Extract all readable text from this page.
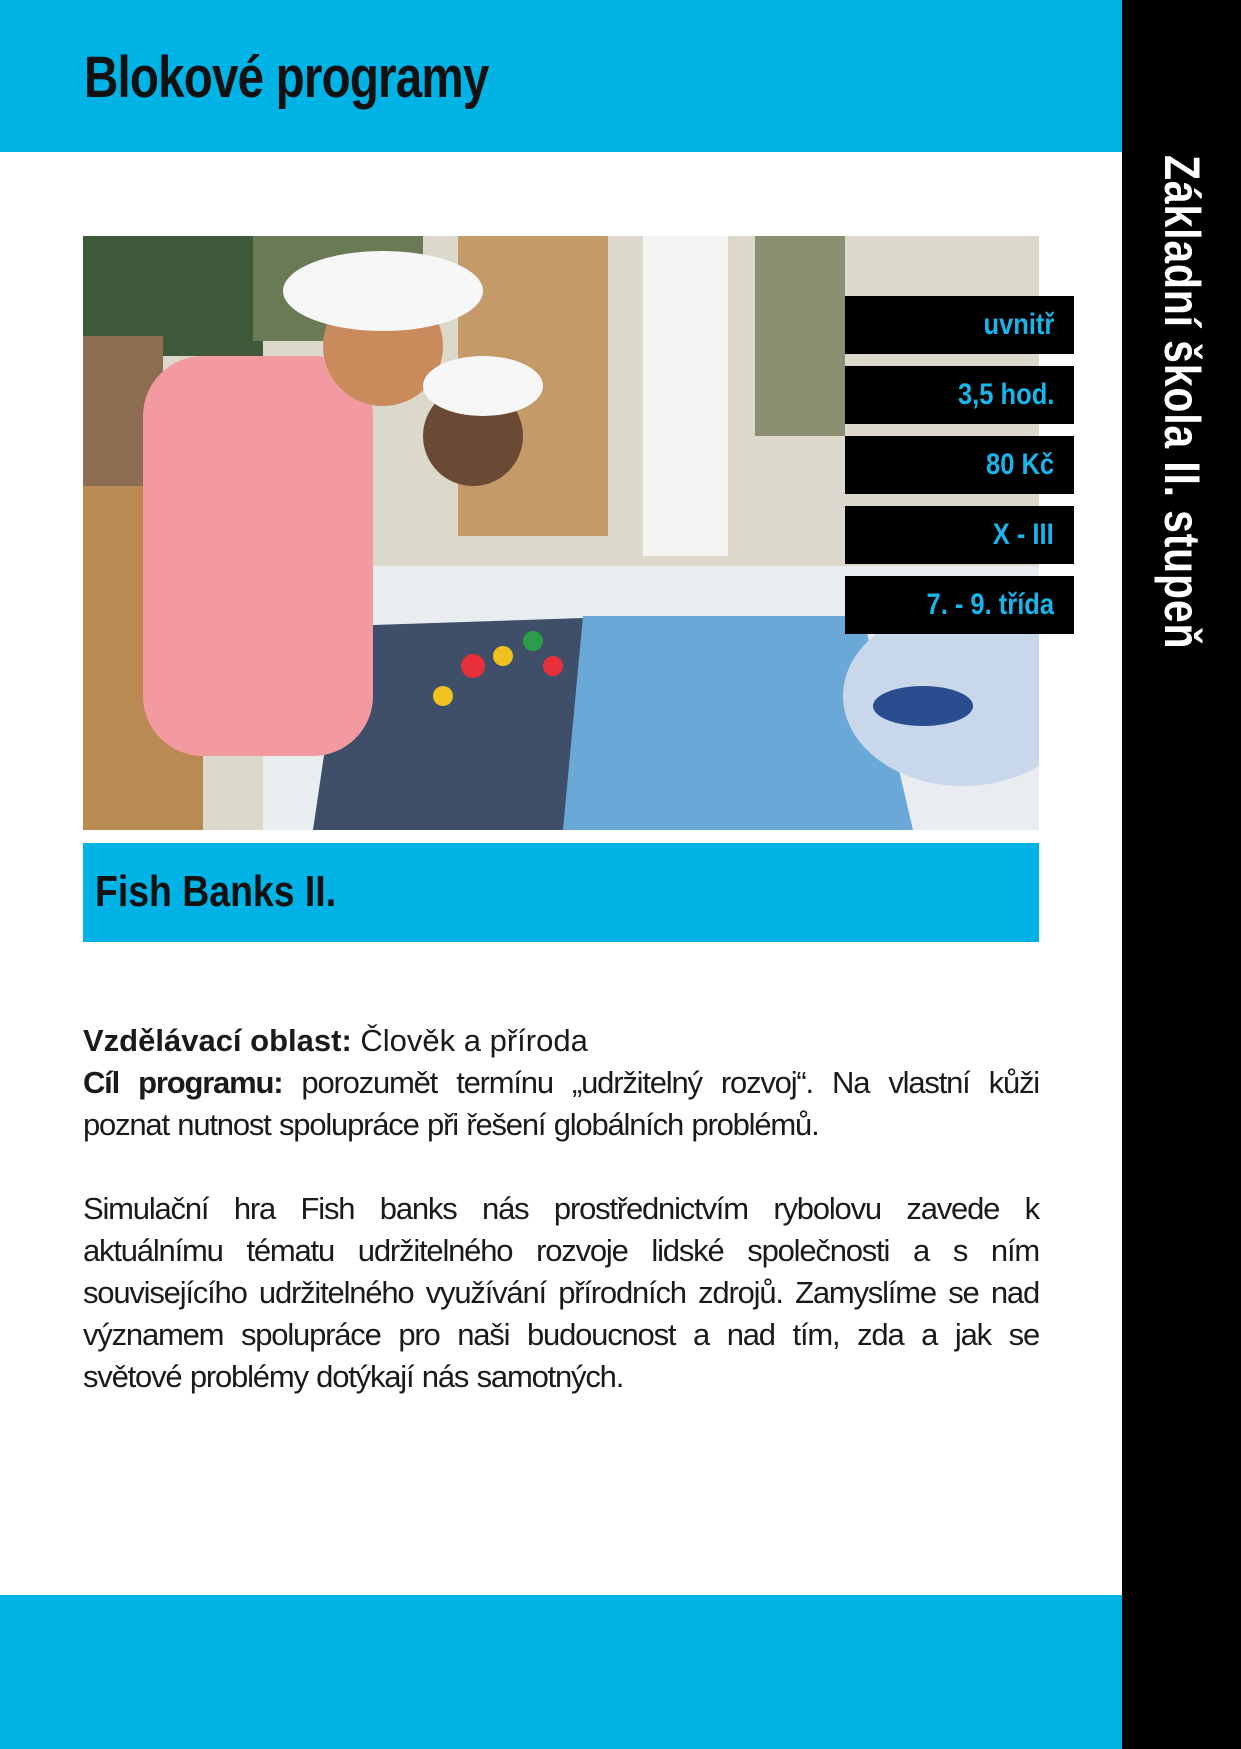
Blokové programy
Základní škola II. stupeň
uvnitř
3,5 hod.
80 Kč
X - III
7. - 9. třída
Fish Banks II.

Vzdělávací oblast: Člověk a příroda

Cíl programu: porozumět termínu „udržitelný rozvoj“. Na vlastní kůži poznat nutnost spolupráce při řešení globálních problémů.

Simulační hra Fish banks nás prostřednictvím rybolovu zavede k aktuálnímu tématu udržitelného rozvoje lidské společnosti a s ním souvisejícího udržitelného využívání přírodních zdrojů. Zamyslíme se nad významem spolupráce pro naši budoucnost a nad tím, zda a jak se světové problémy dotýkají nás samotných.
